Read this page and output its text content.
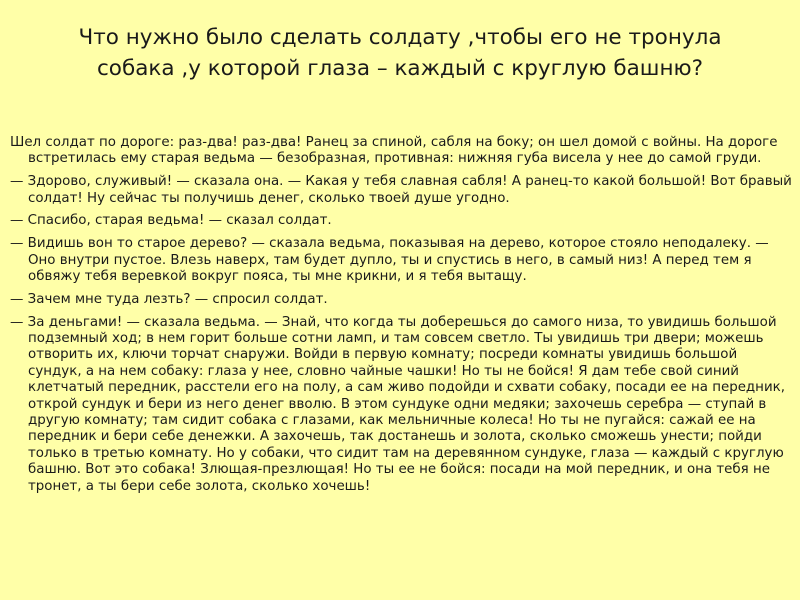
Что нужно было сделать солдату ,чтобы его не тронула собака ,у которой глаза – каждый с круглую башню?

Шел солдат по дороге: раз-два! раз-два! Ранец за спиной, сабля на боку; он шел домой с войны. На дороге встретилась ему старая ведьма — безобразная, противная: нижняя губа висела у нее до самой груди.

— Здорово, служивый! — сказала она. — Какая у тебя славная сабля! А ранец-то какой большой! Вот бравый солдат! Ну сейчас ты получишь денег, сколько твоей душе угодно.

— Спасибо, старая ведьма! — сказал солдат.

— Видишь вон то старое дерево? — сказала ведьма, показывая на дерево, которое стояло неподалеку. — Оно внутри пустое. Влезь наверх, там будет дупло, ты и спустись в него, в самый низ! А перед тем я обвяжу тебя веревкой вокруг пояса, ты мне крикни, и я тебя вытащу.

— Зачем мне туда лезть? — спросил солдат.

— За деньгами! — сказала ведьма. — Знай, что когда ты доберешься до самого низа, то увидишь большой подземный ход; в нем горит больше сотни ламп, и там совсем светло. Ты увидишь три двери; можешь отворить их, ключи торчат снаружи. Войди в первую комнату; посреди комнаты увидишь большой сундук, а на нем собаку: глаза у нее, словно чайные чашки! Но ты не бойся! Я дам тебе свой синий клетчатый передник, расстели его на полу, а сам живо подойди и схвати собаку, посади ее на передник, открой сундук и бери из него денег вволю. В этом сундуке одни медяки; захочешь серебра — ступай в другую комнату; там сидит собака с глазами, как мельничные колеса! Но ты не пугайся: сажай ее на передник и бери себе денежки. А захочешь, так достанешь и золота, сколько сможешь унести; пойди только в третью комнату. Но у собаки, что сидит там на деревянном сундуке, глаза — каждый с круглую башню. Вот это собака! Злющая-презлющая! Но ты ее не бойся: посади на мой передник, и она тебя не тронет, а ты бери себе золота, сколько хочешь!
